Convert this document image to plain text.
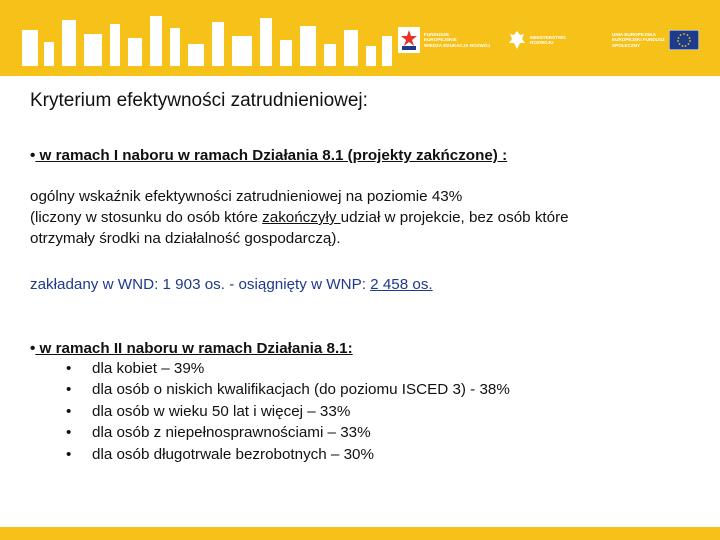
FUNDUSZE
EUROPEJSKIE
WIEDZA EDUKACJA ROZWÓJ
MINISTERSTWO
ROZWOJU
UNIA EUROPEJSKA
EUROPEJSKI FUNDUSZ
SPOŁECZNY
Kryterium efektywności zatrudnieniowej:
• w ramach I naboru w ramach Działania 8.1 (projekty zakńczone) :
ogólny wskaźnik efektywności zatrudnieniowej na poziomie 43%
(liczony w stosunku do osób które zakończyły udział w projekcie, bez osób które
otrzymały środki na działalność gospodarczą).
zakładany w WND: 1 903 os. - osiągnięty w WNP: 2 458 os.
• w ramach II naboru w ramach Działania 8.1:
•	dla kobiet – 39%
•	dla osób o niskich kwalifikacjach (do poziomu ISCED 3) - 38%
•	dla osób w wieku 50 lat i więcej – 33%
•	dla osób z niepełnosprawnościami – 33%
•	dla osób długotrwale bezrobotnych – 30%
